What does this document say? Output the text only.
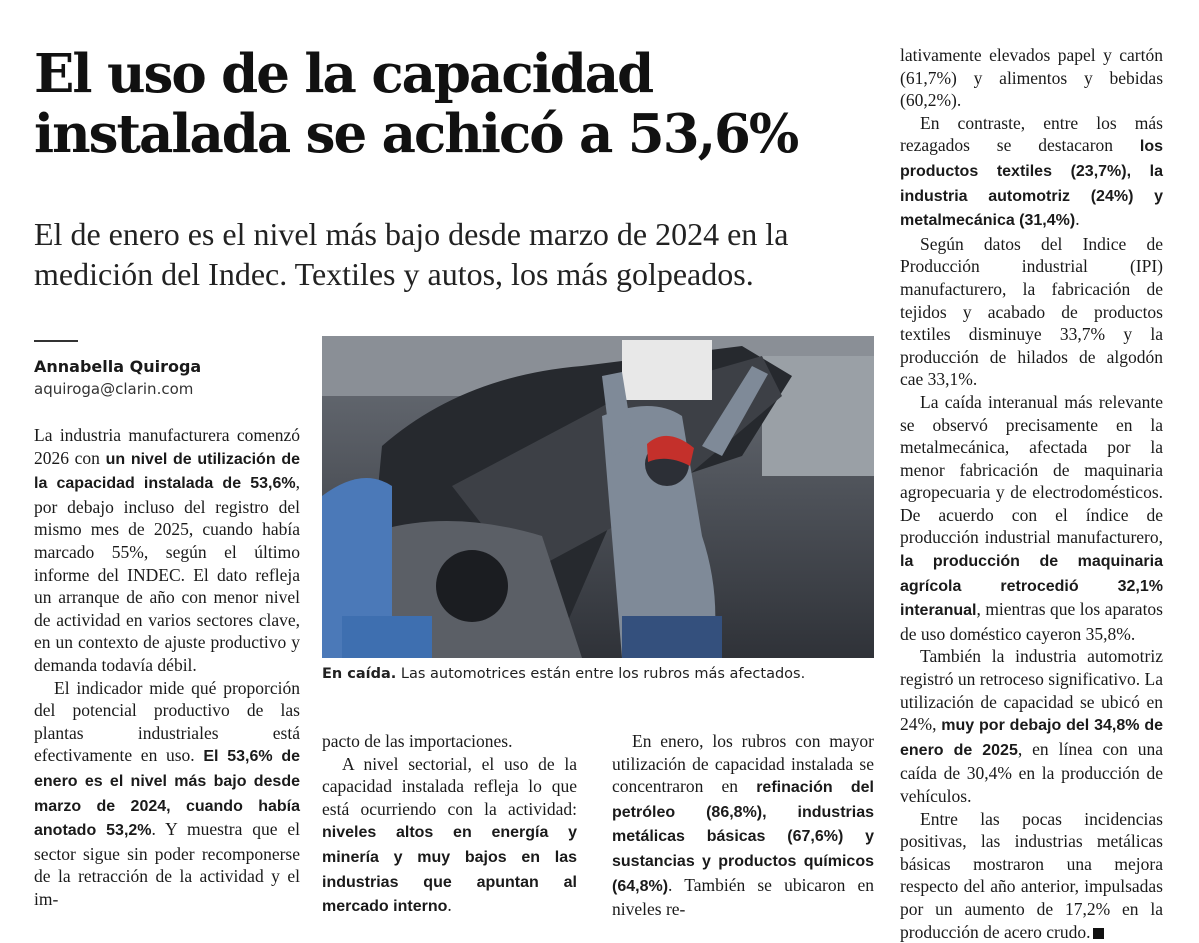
El uso de la capacidad instalada se achicó a 53,6%

El de enero es el nivel más bajo desde marzo de 2024 en la medición del Indec. Textiles y autos, los más golpeados.

Annabella Quiroga
aquiroga@clarin.com

La industria manufacturera comenzó 2026 con un nivel de utilización de la capacidad instalada de 53,6%, por debajo incluso del registro del mismo mes de 2025, cuando había marcado 55%, según el último informe del INDEC. El dato refleja un arranque de año con menor nivel de actividad en varios sectores clave, en un contexto de ajuste productivo y demanda todavía débil.

El indicador mide qué proporción del potencial productivo de las plantas industriales está efectivamente en uso. El 53,6% de enero es el nivel más bajo desde marzo de 2024, cuando había anotado 53,2%. Y muestra que el sector sigue sin poder recomponerse de la retracción de la actividad y el im-

En caída. Las automotrices están entre los rubros más afectados.

pacto de las importaciones.

A nivel sectorial, el uso de la capacidad instalada refleja lo que está ocurriendo con la actividad: niveles altos en energía y minería y muy bajos en las industrias que apuntan al mercado interno.

En enero, los rubros con mayor utilización de capacidad instalada se concentraron en refinación del petróleo (86,8%), industrias metálicas básicas (67,6%) y sustancias y productos químicos (64,8%). También se ubicaron en niveles re-

lativamente elevados papel y cartón (61,7%) y alimentos y bebidas (60,2%).

En contraste, entre los más rezagados se destacaron los productos textiles (23,7%), la industria automotriz (24%) y metalmecánica (31,4%).

Según datos del Indice de Producción industrial (IPI) manufacturero, la fabricación de tejidos y acabado de productos textiles disminuye 33,7% y la producción de hilados de algodón cae 33,1%.

La caída interanual más relevante se observó precisamente en la metalmecánica, afectada por la menor fabricación de maquinaria agropecuaria y de electrodomésticos. De acuerdo con el índice de producción industrial manufacturero, la producción de maquinaria agrícola retrocedió 32,1% interanual, mientras que los aparatos de uso doméstico cayeron 35,8%.

También la industria automotriz registró un retroceso significativo. La utilización de capacidad se ubicó en 24%, muy por debajo del 34,8% de enero de 2025, en línea con una caída de 30,4% en la producción de vehículos.

Entre las pocas incidencias positivas, las industrias metálicas básicas mostraron una mejora respecto del año anterior, impulsadas por un aumento de 17,2% en la producción de acero crudo.
